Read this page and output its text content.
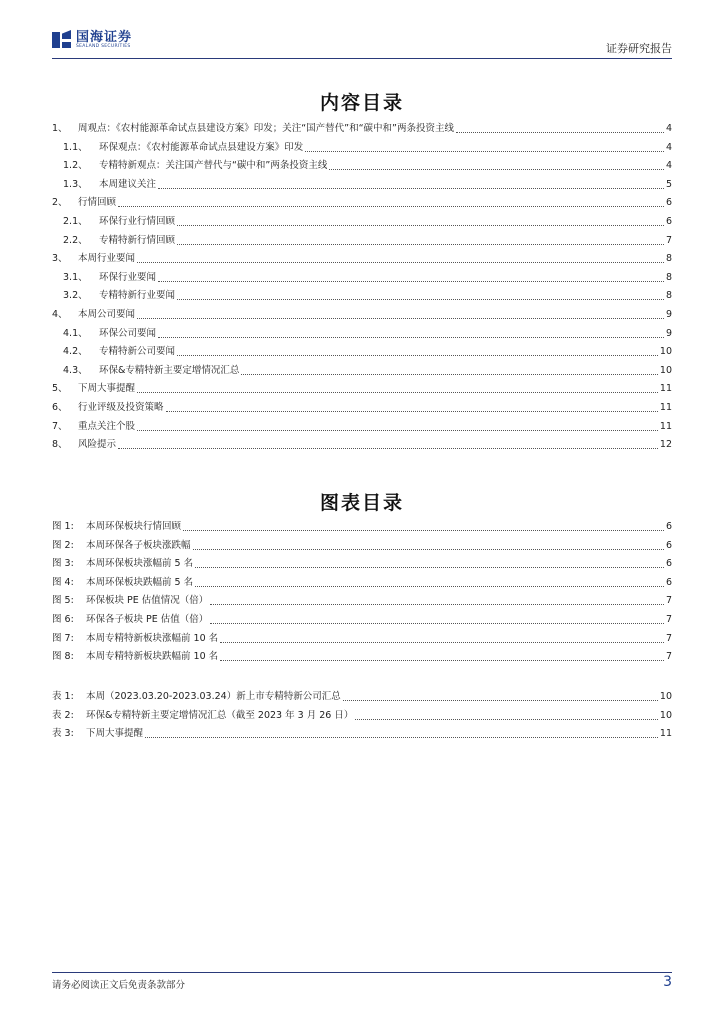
国海证券
SEALAND SECURITIES	证券研究报告
内容目录
1、	周观点：《农村能源革命试点县建设方案》印发；关注“国产替代”和“碳中和”两条投资主线	4
1.1、	环保观点：《农村能源革命试点县建设方案》印发	4
1.2、	专精特新观点：关注国产替代与“碳中和”两条投资主线	4
1.3、	本周建议关注	5
2、	行情回顾	6
2.1、	环保行业行情回顾	6
2.2、	专精特新行情回顾	7
3、	本周行业要闻	8
3.1、	环保行业要闻	8
3.2、	专精特新行业要闻	8
4、	本周公司要闻	9
4.1、	环保公司要闻	9
4.2、	专精特新公司要闻	10
4.3、	环保&专精特新主要定增情况汇总	10
5、	下周大事提醒	11
6、	行业评级及投资策略	11
7、	重点关注个股	11
8、	风险提示	12
图表目录
图 1:	本周环保板块行情回顾	6
图 2:	本周环保各子板块涨跌幅	6
图 3:	本周环保板块涨幅前 5 名	6
图 4:	本周环保板块跌幅前 5 名	6
图 5:	环保板块 PE 估值情况（倍）	7
图 6:	环保各子板块 PE 估值（倍）	7
图 7:	本周专精特新板块涨幅前 10 名	7
图 8:	本周专精特新板块跌幅前 10 名	7
表 1:	本周（2023.03.20-2023.03.24）新上市专精特新公司汇总	10
表 2:	环保&专精特新主要定增情况汇总（截至 2023 年 3 月 26 日）	10
表 3:	下周大事提醒	11
请务必阅读正文后免责条款部分	3
